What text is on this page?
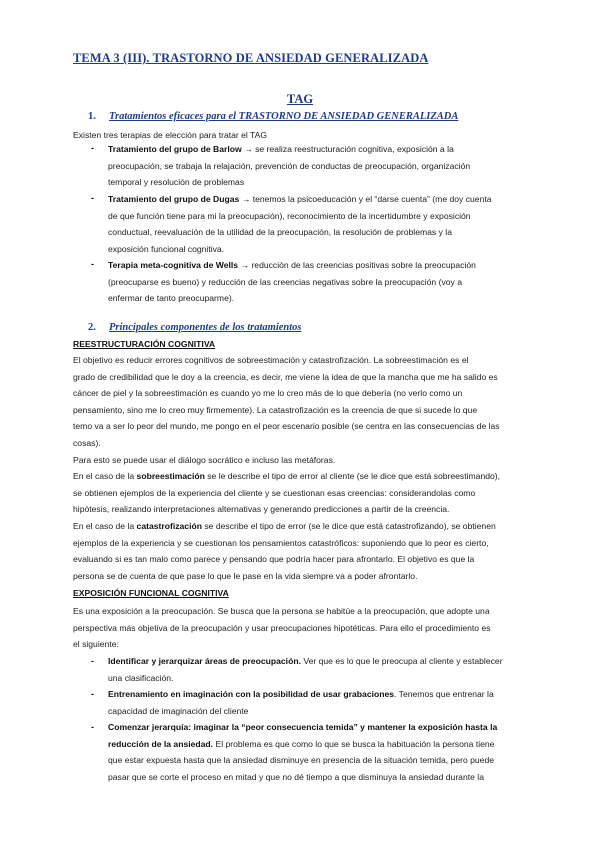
TEMA 3 (III). TRASTORNO DE ANSIEDAD GENERALIZADA
TAG
1. Tratamientos eficaces para el TRASTORNO DE ANSIEDAD GENERALIZADA
Existen tres terapias de elección para tratar el TAG
- Tratamiento del grupo de Barlow → se realiza reestructuración cognitiva, exposición a la
preocupación, se trabaja la relajación, prevención de conductas de preocupación, organización
temporal y resolución de problemas
- Tratamiento del grupo de Dugas → tenemos la psicoeducación y el “darse cuenta” (me doy cuenta
de que función tiene para mi la preocupación), reconocimiento de la incertidumbre y exposición
conductual, reevaluación de la utilidad de la preocupación, la resolución de problemas y la
exposición funcional cognitiva.
- Terapia meta-cognitiva de Wells → reducción de las creencias positivas sobre la preocupación
(preocuparse es bueno) y reducción de las creencias negativas sobre la preocupación (voy a
enfermar de tanto preocuparme).
2. Principales componentes de los tratamientos
REESTRUCTURACIÓN COGNITIVA
El objetivo es reducir errores cognitivos de sobreestimación y catastrofización. La sobreestimación es el
grado de credibilidad que le doy a la creencia, es decir, me viene la idea de que la mancha que me ha salido es
cáncer de piel y la sobreestimación es cuando yo me lo creo más de lo que debería (no verlo como un
pensamiento, sino me lo creo muy firmemente). La catastrofización es la creencia de que si sucede lo que
temo va a ser lo peor del mundo, me pongo en el peor escenario posible (se centra en las consecuencias de las
cosas).
Para esto se puede usar el diálogo socrático e incluso las metáforas.
En el caso de la sobreestimación se le describe el tipo de error al cliente (se le dice que está sobreestimando),
se obtienen ejemplos de la experiencia del cliente y se cuestionan esas creencias: considerandolas como
hipótesis, realizando interpretaciones alternativas y generando predicciones a partir de la creencia.
En el caso de la catastrofización se describe el tipo de error (se le dice que está catastrofizando), se obtienen
ejemplos de la experiencia y se cuestionan los pensamientos catastróficos: suponiendo que lo peor es cierto,
evaluando si es tan malo como parece y pensando que podría hacer para afrontarlo. El objetivo es que la
persona se de cuenta de que pase lo que le pase en la vida siempre va a poder afrontarlo.
EXPOSICIÓN FUNCIONAL COGNITIVA
Es una exposición a la preocupación. Se busca que la persona se habitúe a la preocupación, que adopte una
perspectiva más objetiva de la preocupación y usar preocupaciones hipotéticas. Para ello el procedimiento es
el siguiente:
- Identificar y jerarquizar áreas de preocupación. Ver que es lo que le preocupa al cliente y establecer
una clasificación.
- Entrenamiento en imaginación con la posibilidad de usar grabaciones. Tenemos que entrenar la
capacidad de imaginación del cliente
- Comenzar jerarquía: imaginar la “peor consecuencia temida” y mantener la exposición hasta la
reducción de la ansiedad. El problema es que como lo que se busca la habituación la persona tiene
que estar expuesta hasta que la ansiedad disminuye en presencia de la situación temida, pero puede
pasar que se corte el proceso en mitad y que no dé tiempo a que disminuya la ansiedad durante la
